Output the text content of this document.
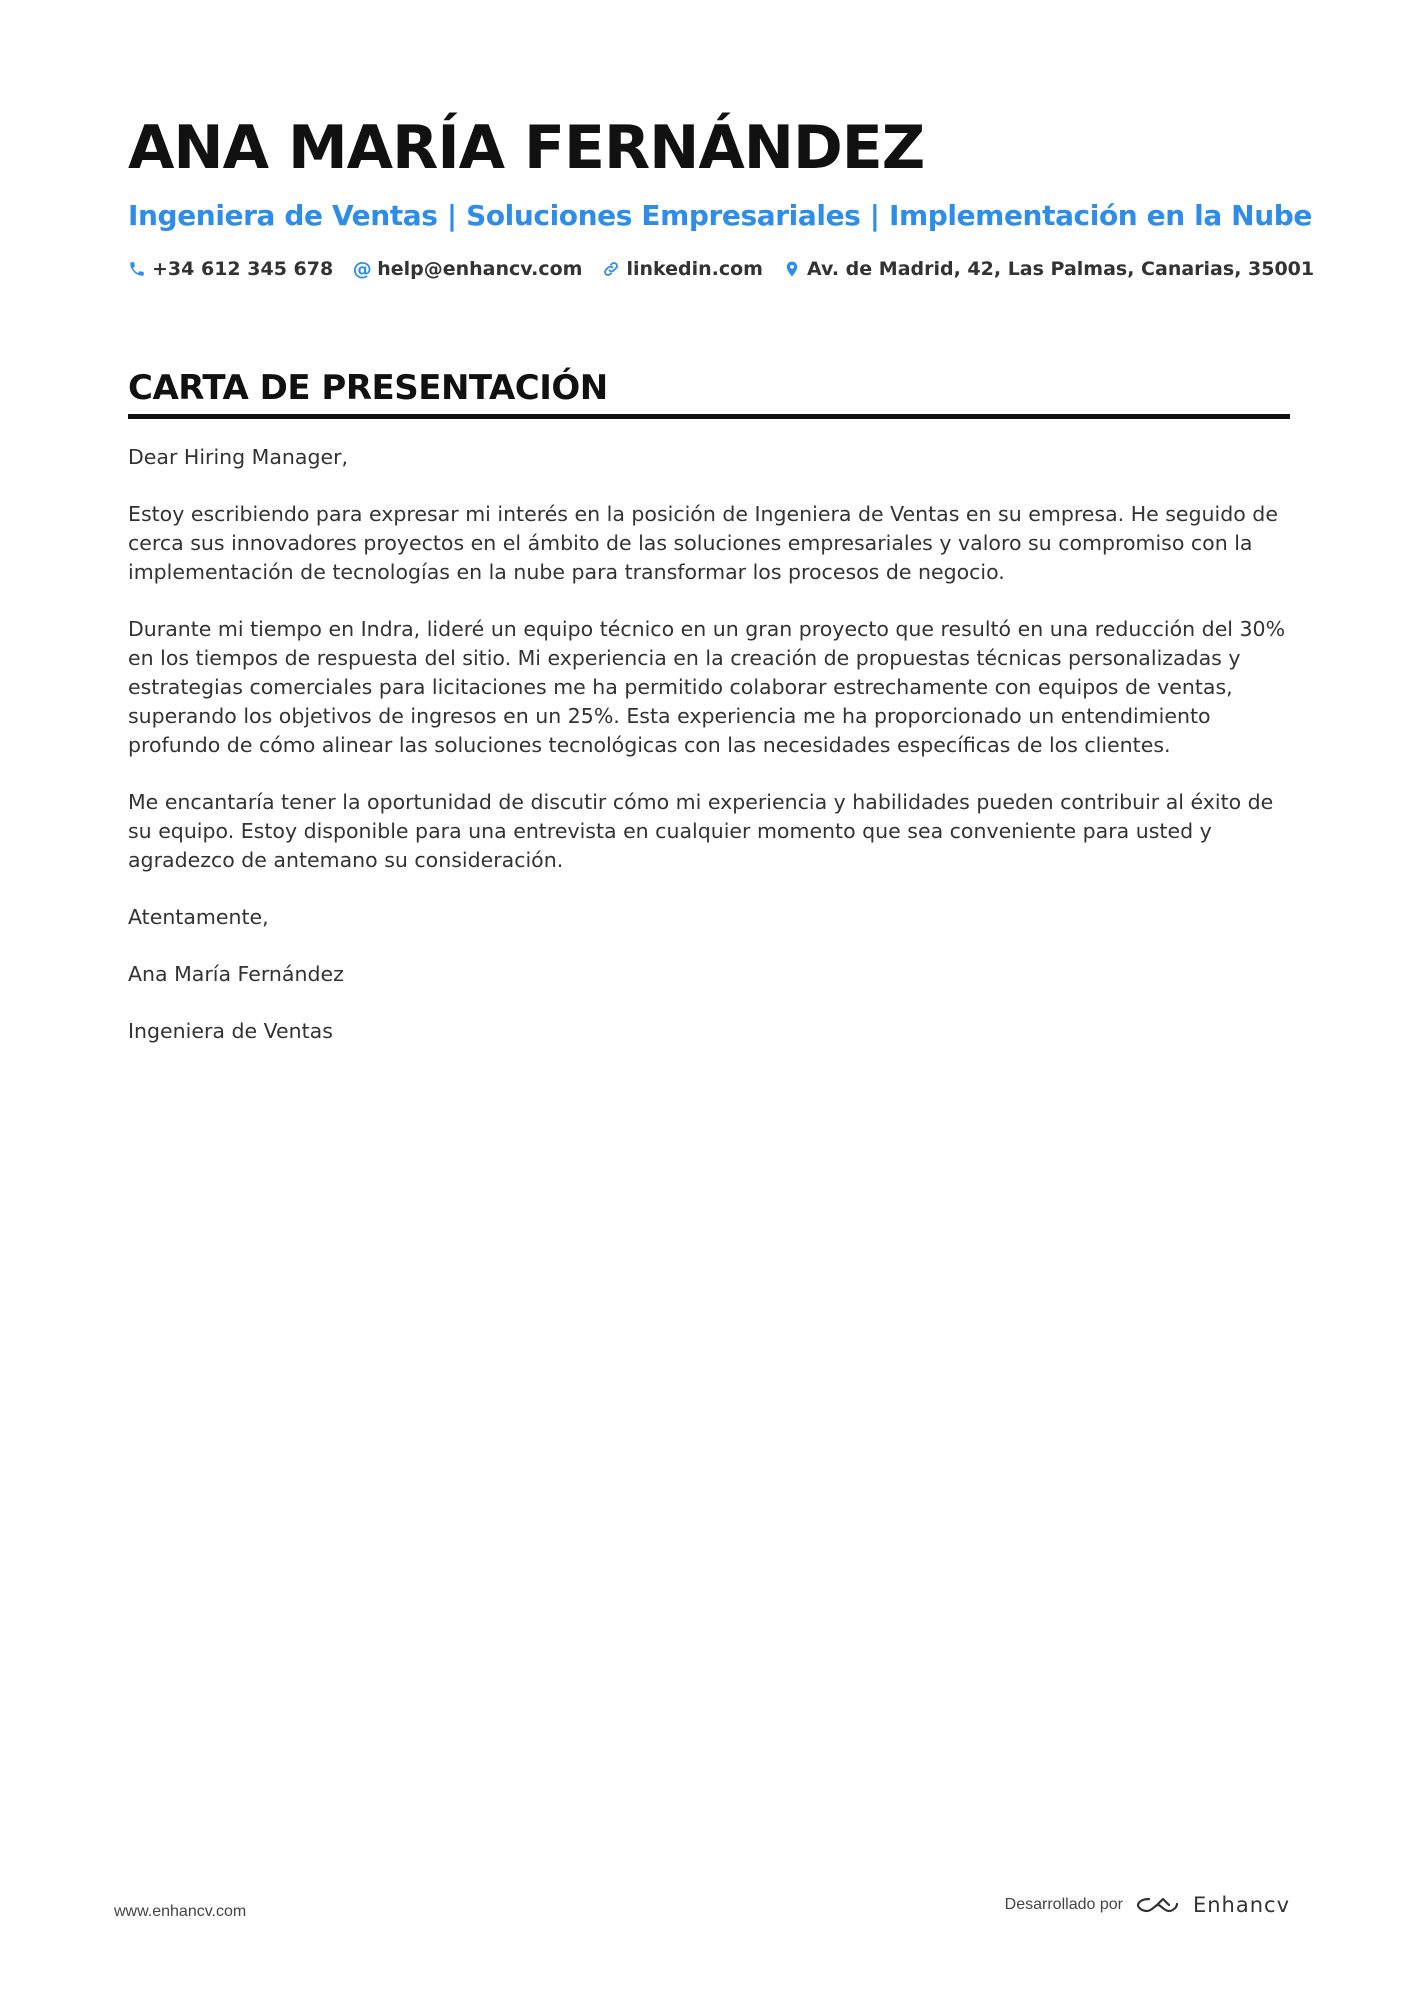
ANA MARÍA FERNÁNDEZ
Ingeniera de Ventas | Soluciones Empresariales | Implementación en la Nube
+34 612 345 678 @ help@enhancv.com linkedin.com Av. de Madrid, 42, Las Palmas, Canarias, 35001
CARTA DE PRESENTACIÓN

Dear Hiring Manager,

Estoy escribiendo para expresar mi interés en la posición de Ingeniera de Ventas en su empresa. He seguido de cerca sus innovadores proyectos en el ámbito de las soluciones empresariales y valoro su compromiso con la implementación de tecnologías en la nube para transformar los procesos de negocio.

Durante mi tiempo en Indra, lideré un equipo técnico en un gran proyecto que resultó en una reducción del 30% en los tiempos de respuesta del sitio. Mi experiencia en la creación de propuestas técnicas personalizadas y estrategias comerciales para licitaciones me ha permitido colaborar estrechamente con equipos de ventas, superando los objetivos de ingresos en un 25%. Esta experiencia me ha proporcionado un entendimiento profundo de cómo alinear las soluciones tecnológicas con las necesidades específicas de los clientes.

Me encantaría tener la oportunidad de discutir cómo mi experiencia y habilidades pueden contribuir al éxito de su equipo. Estoy disponible para una entrevista en cualquier momento que sea conveniente para usted y agradezco de antemano su consideración.

Atentamente,

Ana María Fernández

Ingeniera de Ventas

www.enhancv.com	Desarrollado por	Enhancv
